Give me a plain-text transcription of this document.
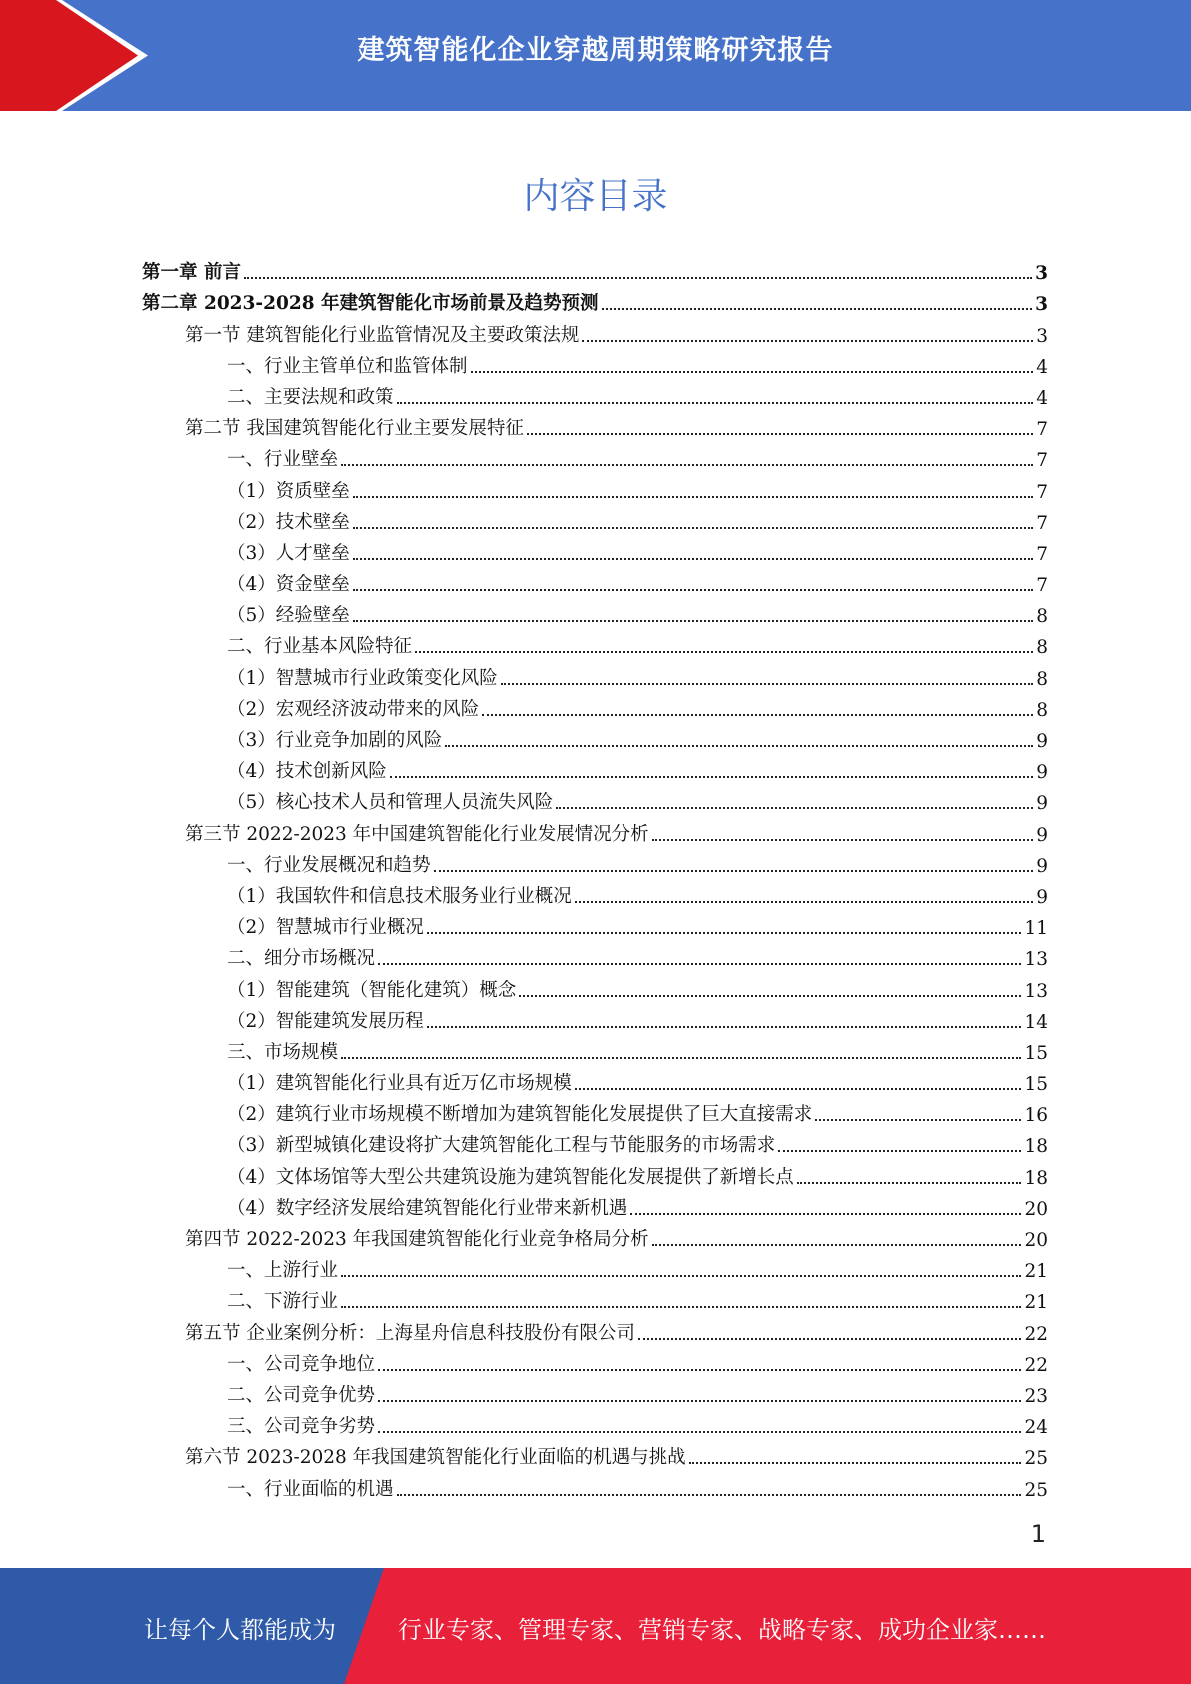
建筑智能化企业穿越周期策略研究报告
内容目录
第一章 前言	3
第二章 2023-2028 年建筑智能化市场前景及趋势预测	3
第一节 建筑智能化行业监管情况及主要政策法规	3
一、行业主管单位和监管体制	4
二、主要法规和政策	4
第二节 我国建筑智能化行业主要发展特征	7
一、行业壁垒	7
（1）资质壁垒	7
（2）技术壁垒	7
（3）人才壁垒	7
（4）资金壁垒	7
（5）经验壁垒	8
二、行业基本风险特征	8
（1）智慧城市行业政策变化风险	8
（2）宏观经济波动带来的风险	8
（3）行业竞争加剧的风险	9
（4）技术创新风险	9
（5）核心技术人员和管理人员流失风险	9
第三节 2022-2023 年中国建筑智能化行业发展情况分析	9
一、行业发展概况和趋势	9
（1）我国软件和信息技术服务业行业概况	9
（2）智慧城市行业概况	11
二、细分市场概况	13
（1）智能建筑（智能化建筑）概念	13
（2）智能建筑发展历程	14
三、市场规模	15
（1）建筑智能化行业具有近万亿市场规模	15
（2）建筑行业市场规模不断增加为建筑智能化发展提供了巨大直接需求	16
（3）新型城镇化建设将扩大建筑智能化工程与节能服务的市场需求	18
（4）文体场馆等大型公共建筑设施为建筑智能化发展提供了新增长点	18
（4）数字经济发展给建筑智能化行业带来新机遇	20
第四节 2022-2023 年我国建筑智能化行业竞争格局分析	20
一、上游行业	21
二、下游行业	21
第五节 企业案例分析：上海星舟信息科技股份有限公司	22
一、公司竞争地位	22
二、公司竞争优势	23
三、公司竞争劣势	24
第六节 2023-2028 年我国建筑智能化行业面临的机遇与挑战	25
一、行业面临的机遇	25
1
让每个人都能成为	行业专家、管理专家、营销专家、战略专家、成功企业家……
